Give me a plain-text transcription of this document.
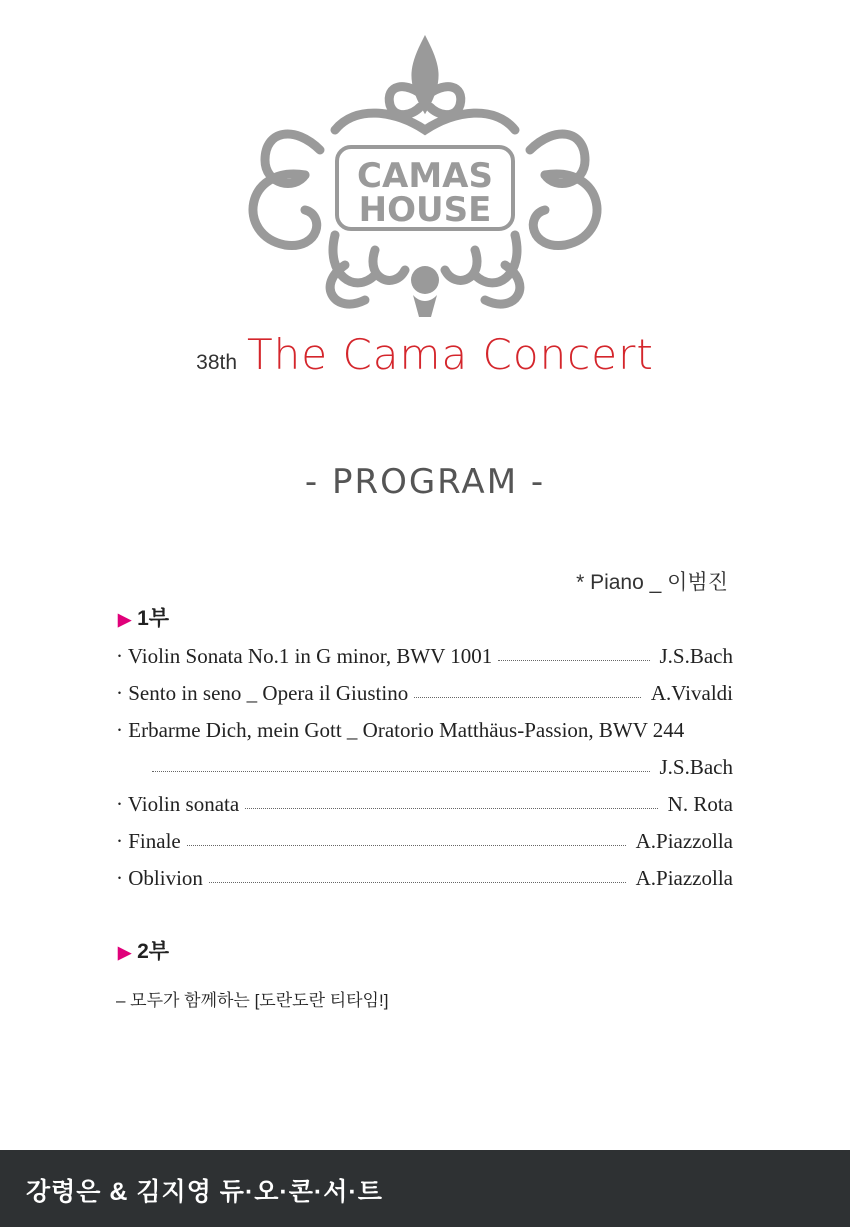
CAMAS
HOUSE
38th The Cama Concert
- PROGRAM -
* Piano _ 이범진
▶ 1부
· Violin Sonata No.1 in G minor, BWV 1001	J.S.Bach
· Sento in seno _ Opera il Giustino	A.Vivaldi
· Erbarme Dich, mein Gott _ Oratorio Matthäus-Passion, BWV 244
J.S.Bach
· Violin sonata	N. Rota
· Finale	A.Piazzolla
· Oblivion	A.Piazzolla
▶ 2부
– 모두가 함께하는 [도란도란 티타임!]
강령은 & 김지영 듀·오·콘·서·트
